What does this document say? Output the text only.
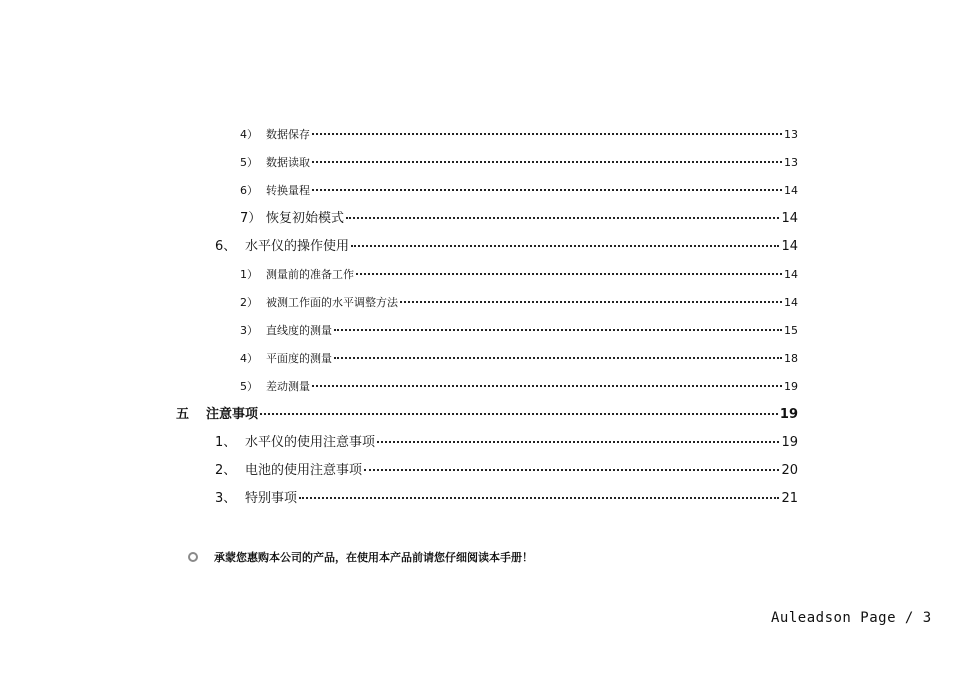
4） 数据保存	13
5） 数据读取	13
6） 转换量程	14
7） 恢复初始模式	14
6、 水平仪的操作使用	14
1） 测量前的准备工作	14
2） 被测工作面的水平调整方法	14
3） 直线度的测量	15
4） 平面度的测量	18
5） 差动测量	19
五	注意事项	19
1、 水平仪的使用注意事项	19
2、 电池的使用注意事项	20
3、 特别事项	21
承蒙您惠购本公司的产品，在使用本产品前请您仔细阅读本手册！
Auleadson Page / 3
